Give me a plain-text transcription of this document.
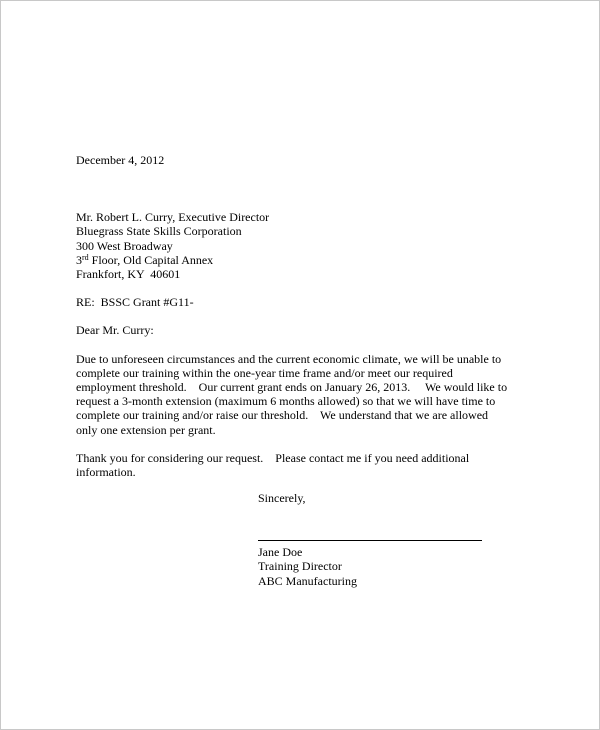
December 4, 2012
Mr. Robert L. Curry, Executive Director
Bluegrass State Skills Corporation
300 West Broadway
3rd Floor, Old Capital Annex
Frankfort, KY  40601
RE:  BSSC Grant #G11-
Dear Mr. Curry:
Due to unforeseen circumstances and the current economic climate, we will be unable to
complete our training within the one-year time frame and/or meet our required
employment threshold.    Our current grant ends on January 26, 2013.     We would like to
request a 3-month extension (maximum 6 months allowed) so that we will have time to
complete our training and/or raise our threshold.    We understand that we are allowed
only one extension per grant.
Thank you for considering our request.    Please contact me if you need additional
information.
Sincerely,
Jane Doe
Training Director
ABC Manufacturing
